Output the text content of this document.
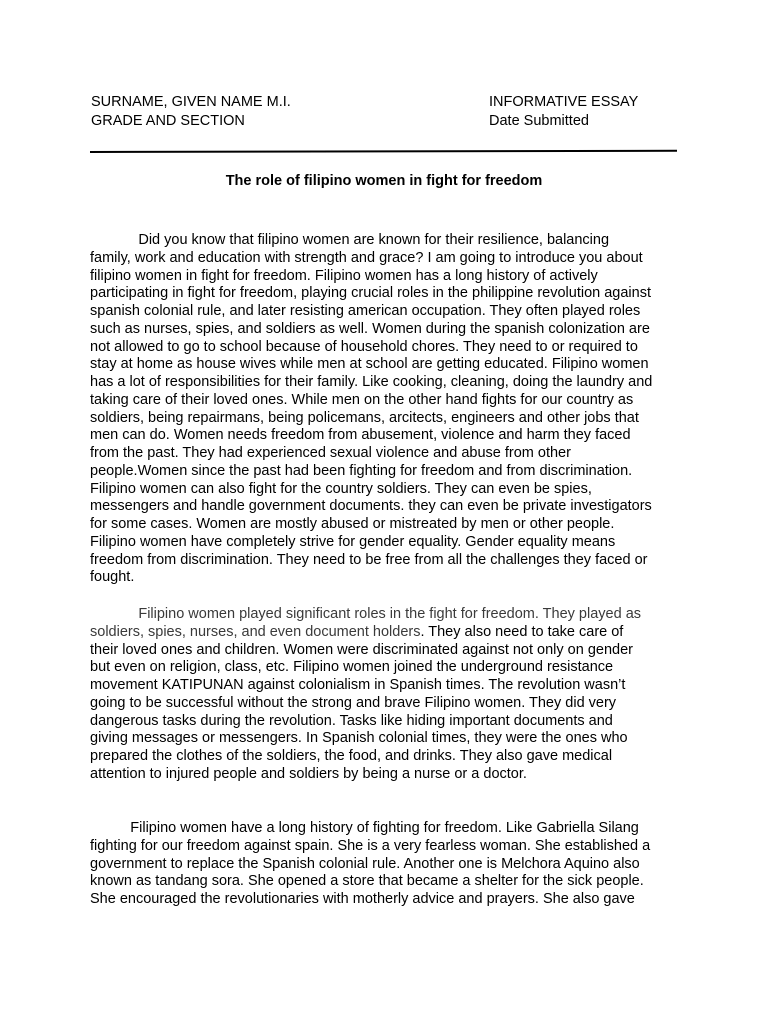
SURNAME, GIVEN NAME M.I.
GRADE AND SECTION
INFORMATIVE ESSAY
Date Submitted
The role of filipino women in fight for freedom
Did you know that filipino women are known for their resilience, balancing
family, work and education with strength and grace? I am going to introduce you about
filipino women in fight for freedom. Filipino women has a long history of actively
participating in fight for freedom, playing crucial roles in the philippine revolution against
spanish colonial rule, and later resisting american occupation. They often played roles
such as nurses, spies, and soldiers as well. Women during the spanish colonization are
not allowed to go to school because of household chores. They need to or required to
stay at home as house wives while men at school are getting educated. Filipino women
has a lot of responsibilities for their family. Like cooking, cleaning, doing the laundry and
taking care of their loved ones. While men on the other hand fights for our country as
soldiers, being repairmans, being policemans, arcitects, engineers and other jobs that
men can do. Women needs freedom from abusement, violence and harm they faced
from the past. They had experienced sexual violence and abuse from other
people.Women since the past had been fighting for freedom and from discrimination.
Filipino women can also fight for the country soldiers. They can even be spies,
messengers and handle government documents. they can even be private investigators
for some cases. Women are mostly abused or mistreated by men or other people.
Filipino women have completely strive for gender equality. Gender equality means
freedom from discrimination. They need to be free from all the challenges they faced or
fought.
Filipino women played significant roles in the fight for freedom. They played as
soldiers, spies, nurses, and even document holders. They also need to take care of
their loved ones and children. Women were discriminated against not only on gender
but even on religion, class, etc. Filipino women joined the underground resistance
movement KATIPUNAN against colonialism in Spanish times. The revolution wasn’t
going to be successful without the strong and brave Filipino women. They did very
dangerous tasks during the revolution. Tasks like hiding important documents and
giving messages or messengers. In Spanish colonial times, they were the ones who
prepared the clothes of the soldiers, the food, and drinks. They also gave medical
attention to injured people and soldiers by being a nurse or a doctor.
Filipino women have a long history of fighting for freedom. Like Gabriella Silang
fighting for our freedom against spain. She is a very fearless woman. She established a
government to replace the Spanish colonial rule. Another one is Melchora Aquino also
known as tandang sora. She opened a store that became a shelter for the sick people.
She encouraged the revolutionaries with motherly advice and prayers. She also gave
